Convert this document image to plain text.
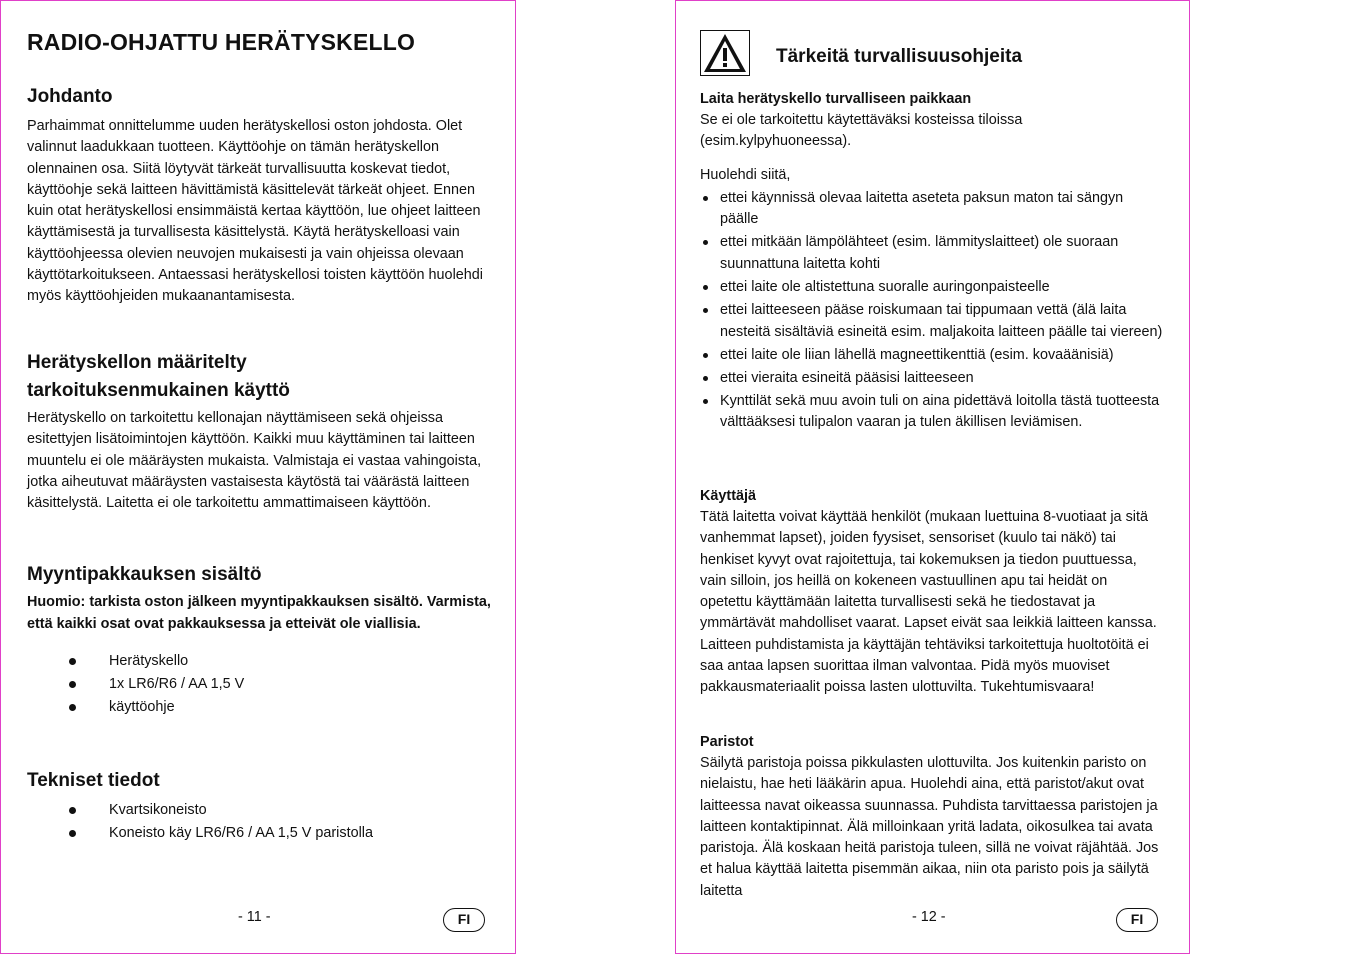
RADIO-OHJATTU HERÄTYSKELLO
Johdanto

Parhaimmat onnittelumme uuden herätyskellosi oston johdosta. Olet valinnut laadukkaan tuotteen. Käyttöohje on tämän herätyskellon olennainen osa. Siitä löytyvät tärkeät turvallisuutta koskevat tiedot, käyttöohje sekä laitteen hävittämistä käsittelevät tärkeät ohjeet. Ennen kuin otat herätyskellosi ensimmäistä kertaa käyttöön, lue ohjeet laitteen käyttämisestä ja turvallisesta käsittelystä. Käytä herätyskelloasi vain käyttöohjeessa olevien neuvojen mukaisesti ja vain ohjeissa olevaan käyttötarkoitukseen. Antaessasi herätyskellosi toisten käyttöön huolehdi myös käyttöohjeiden mukaanantamisesta.

Herätyskellon määritelty
tarkoituksenmukainen käyttö

Herätyskello on tarkoitettu kellonajan näyttämiseen sekä ohjeissa esitettyjen lisätoimintojen käyttöön. Kaikki muu käyttäminen tai laitteen muuntelu ei ole määräysten mukaista. Valmistaja ei vastaa vahingoista, jotka aiheutuvat määräysten vastaisesta käytöstä tai väärästä laitteen käsittelystä. Laitetta ei ole tarkoitettu ammattimaiseen käyttöön.

Myyntipakkauksen sisältö

Huomio: tarkista oston jälkeen myyntipakkauksen sisältö. Varmista, että kaikki osat ovat pakkauksessa ja etteivät ole viallisia.

Herätyskello
1x LR6/R6 / AA 1,5 V
käyttöohje
Tekniset tiedot
Kvartsikoneisto
Koneisto käy LR6/R6 / AA 1,5 V paristolla
- 11 -	FI
Tärkeitä turvallisuusohjeita
Laita herätyskello turvalliseen paikkaan

Se ei ole tarkoitettu käytettäväksi kosteissa tiloissa (esim.kylpyhuoneessa).

Huolehdi siitä,

ettei käynnissä olevaa laitetta aseteta paksun maton tai sängyn päälle
ettei mitkään lämpölähteet (esim. lämmityslaitteet) ole suoraan suunnattuna laitetta kohti
ettei laite ole altistettuna suoralle auringonpaisteelle
ettei laitteeseen pääse roiskumaan tai tippumaan vettä (älä laita nesteitä sisältäviä esineitä esim. maljakoita laitteen päälle tai viereen)
ettei laite ole liian lähellä magneettikenttiä (esim. kovaäänisiä)
ettei vieraita esineitä pääsisi laitteeseen
Kynttilät sekä muu avoin tuli on aina pidettävä loitolla tästä tuotteesta välttääksesi tulipalon vaaran ja tulen äkillisen leviämisen.
Käyttäjä

Tätä laitetta voivat käyttää henkilöt (mukaan luettuina 8-vuotiaat ja sitä vanhemmat lapset), joiden fyysiset, sensoriset (kuulo tai näkö) tai henkiset kyvyt ovat rajoitettuja, tai kokemuksen ja tiedon puuttuessa, vain silloin, jos heillä on kokeneen vastuullinen apu tai heidät on opetettu käyttämään laitetta turvallisesti sekä he tiedostavat ja ymmärtävät mahdolliset vaarat. Lapset eivät saa leikkiä laitteen kanssa. Laitteen puhdistamista ja käyttäjän tehtäviksi tarkoitettuja huoltotöitä ei saa antaa lapsen suorittaa ilman valvontaa. Pidä myös muoviset pakkausmateriaalit poissa lasten ulottuvilta. Tukehtumisvaara!

Paristot

Säilytä paristoja poissa pikkulasten ulottuvilta. Jos kuitenkin paristo on nielaistu, hae heti lääkärin apua. Huolehdi aina, että paristot/akut ovat laitteessa navat oikeassa suunnassa. Puhdista tarvittaessa paristojen ja laitteen kontaktipinnat. Älä milloinkaan yritä ladata, oikosulkea tai avata paristoja. Älä koskaan heitä paristoja tuleen, sillä ne voivat räjähtää. Jos et halua käyttää laitetta pisemmän aikaa, niin ota paristo pois ja säilytä laitetta

- 12 -	FI
